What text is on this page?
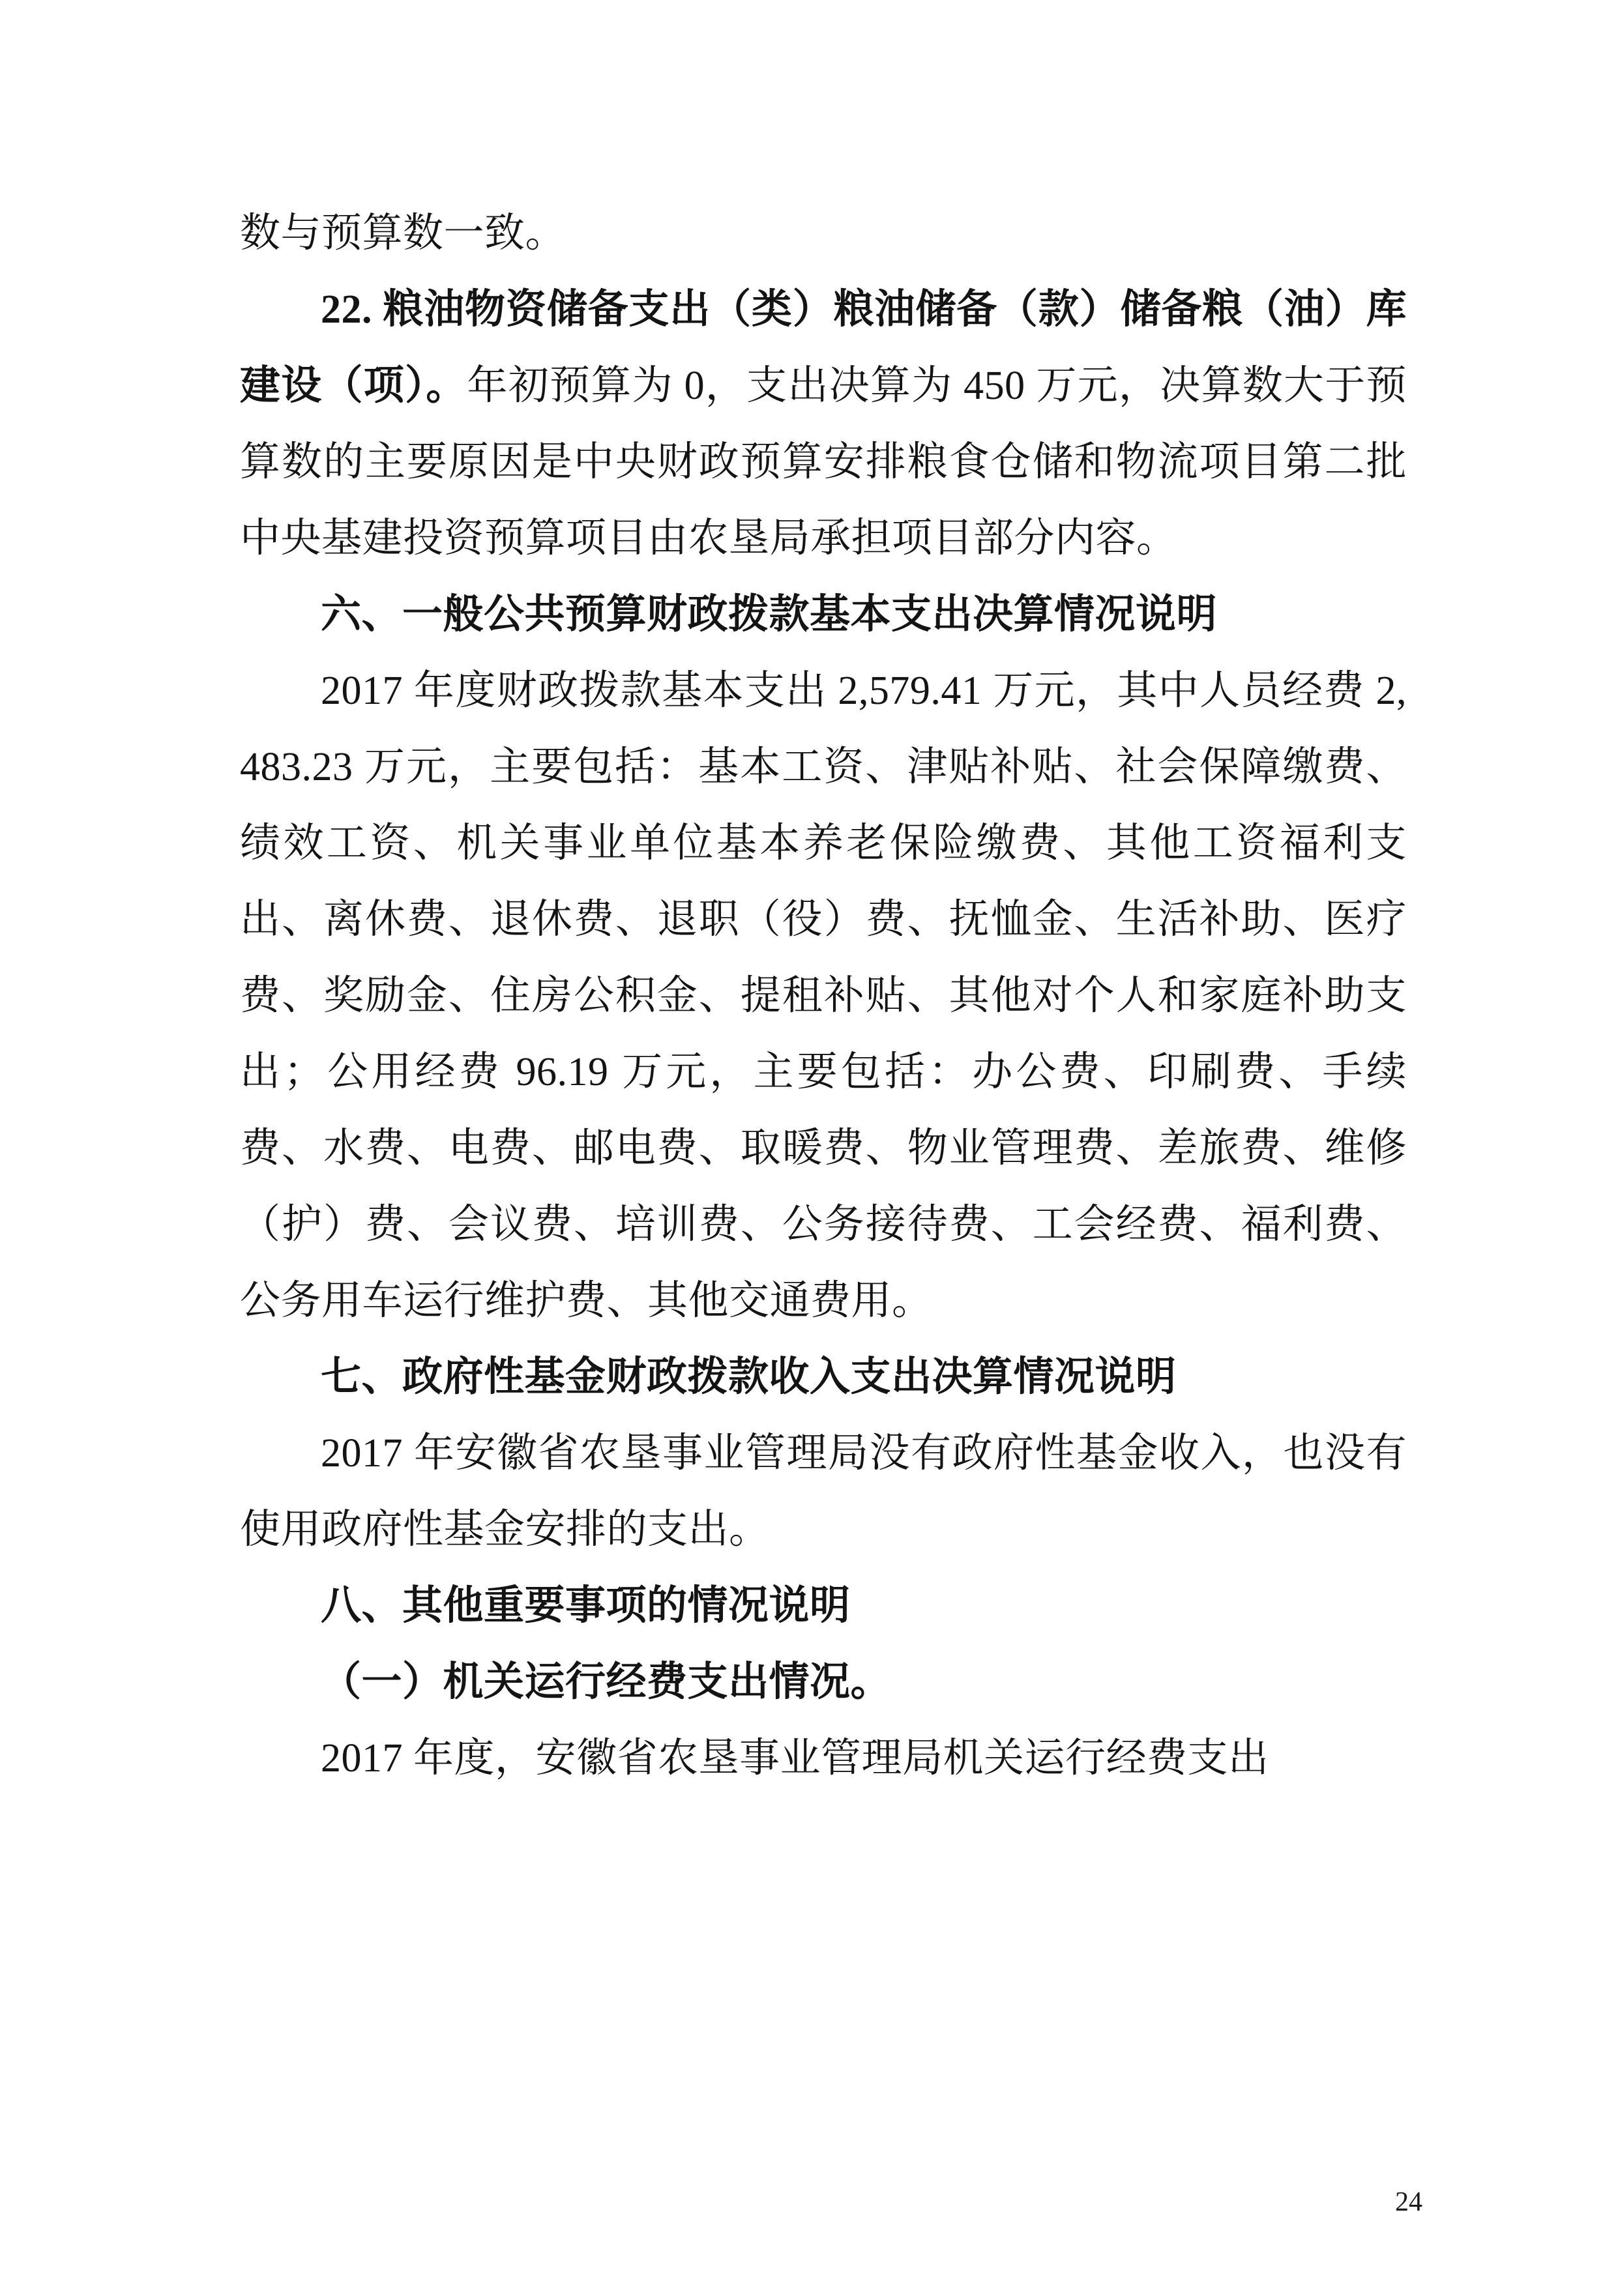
数与预算数一致。

22. 粮油物资储备支出（类）粮油储备（款）储备粮（油）库建设（项）。年初预算为 0，支出决算为 450 万元，决算数大于预算数的主要原因是中央财政预算安排粮食仓储和物流项目第二批中央基建投资预算项目由农垦局承担项目部分内容。

六、一般公共预算财政拨款基本支出决算情况说明

2017 年度财政拨款基本支出 2,579.41 万元，其中人员经费 2,483.23 万元，主要包括：基本工资、津贴补贴、社会保障缴费、绩效工资、机关事业单位基本养老保险缴费、其他工资福利支出、离休费、退休费、退职（役）费、抚恤金、生活补助、医疗费、奖励金、住房公积金、提租补贴、其他对个人和家庭补助支出；公用经费 96.19 万元，主要包括：办公费、印刷费、手续费、水费、电费、邮电费、取暖费、物业管理费、差旅费、维修（护）费、会议费、培训费、公务接待费、工会经费、福利费、公务用车运行维护费、其他交通费用。

七、政府性基金财政拨款收入支出决算情况说明

2017 年安徽省农垦事业管理局没有政府性基金收入，也没有使用政府性基金安排的支出。

八、其他重要事项的情况说明

（一）机关运行经费支出情况。

2017 年度，安徽省农垦事业管理局机关运行经费支出

24
